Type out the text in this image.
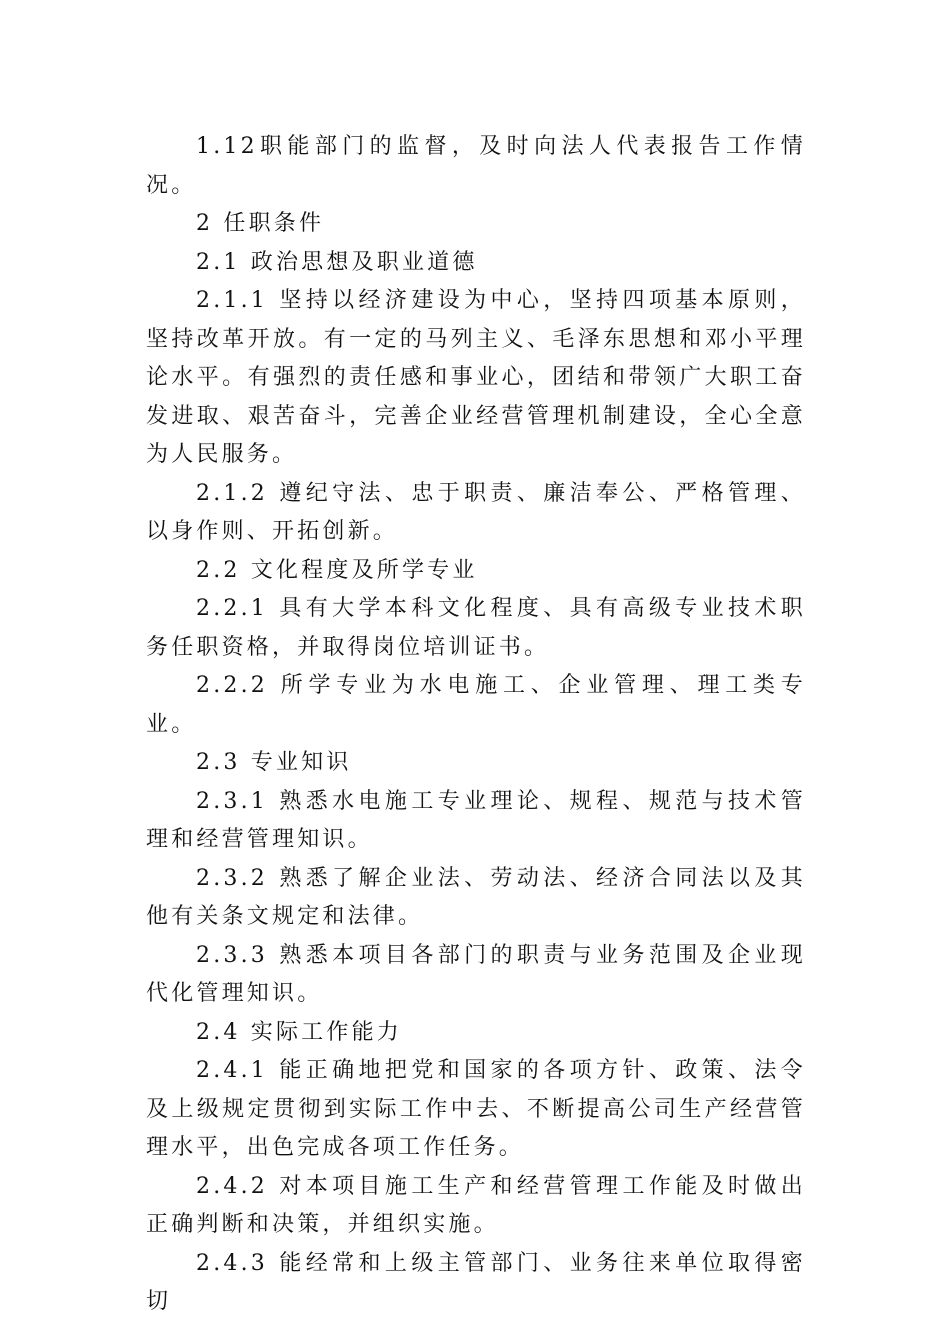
1.12职能部门的监督，及时向法人代表报告工作情况。

2 任职条件

2.1 政治思想及职业道德

2.1.1 坚持以经济建设为中心，坚持四项基本原则，坚持改革开放。有一定的马列主义、毛泽东思想和邓小平理论水平。有强烈的责任感和事业心，团结和带领广大职工奋发进取、艰苦奋斗，完善企业经营管理机制建设，全心全意为人民服务。

2.1.2 遵纪守法、忠于职责、廉洁奉公、严格管理、以身作则、开拓创新。

2.2 文化程度及所学专业

2.2.1 具有大学本科文化程度、具有高级专业技术职务任职资格，并取得岗位培训证书。

2.2.2 所学专业为水电施工、企业管理、理工类专业。

2.3 专业知识

2.3.1 熟悉水电施工专业理论、规程、规范与技术管理和经营管理知识。

2.3.2 熟悉了解企业法、劳动法、经济合同法以及其他有关条文规定和法律。

2.3.3 熟悉本项目各部门的职责与业务范围及企业现代化管理知识。

2.4 实际工作能力

2.4.1 能正确地把党和国家的各项方针、政策、法令及上级规定贯彻到实际工作中去、不断提高公司生产经营管理水平，出色完成各项工作任务。

2.4.2 对本项目施工生产和经营管理工作能及时做出正确判断和决策，并组织实施。

2.4.3 能经常和上级主管部门、业务往来单位取得密切
